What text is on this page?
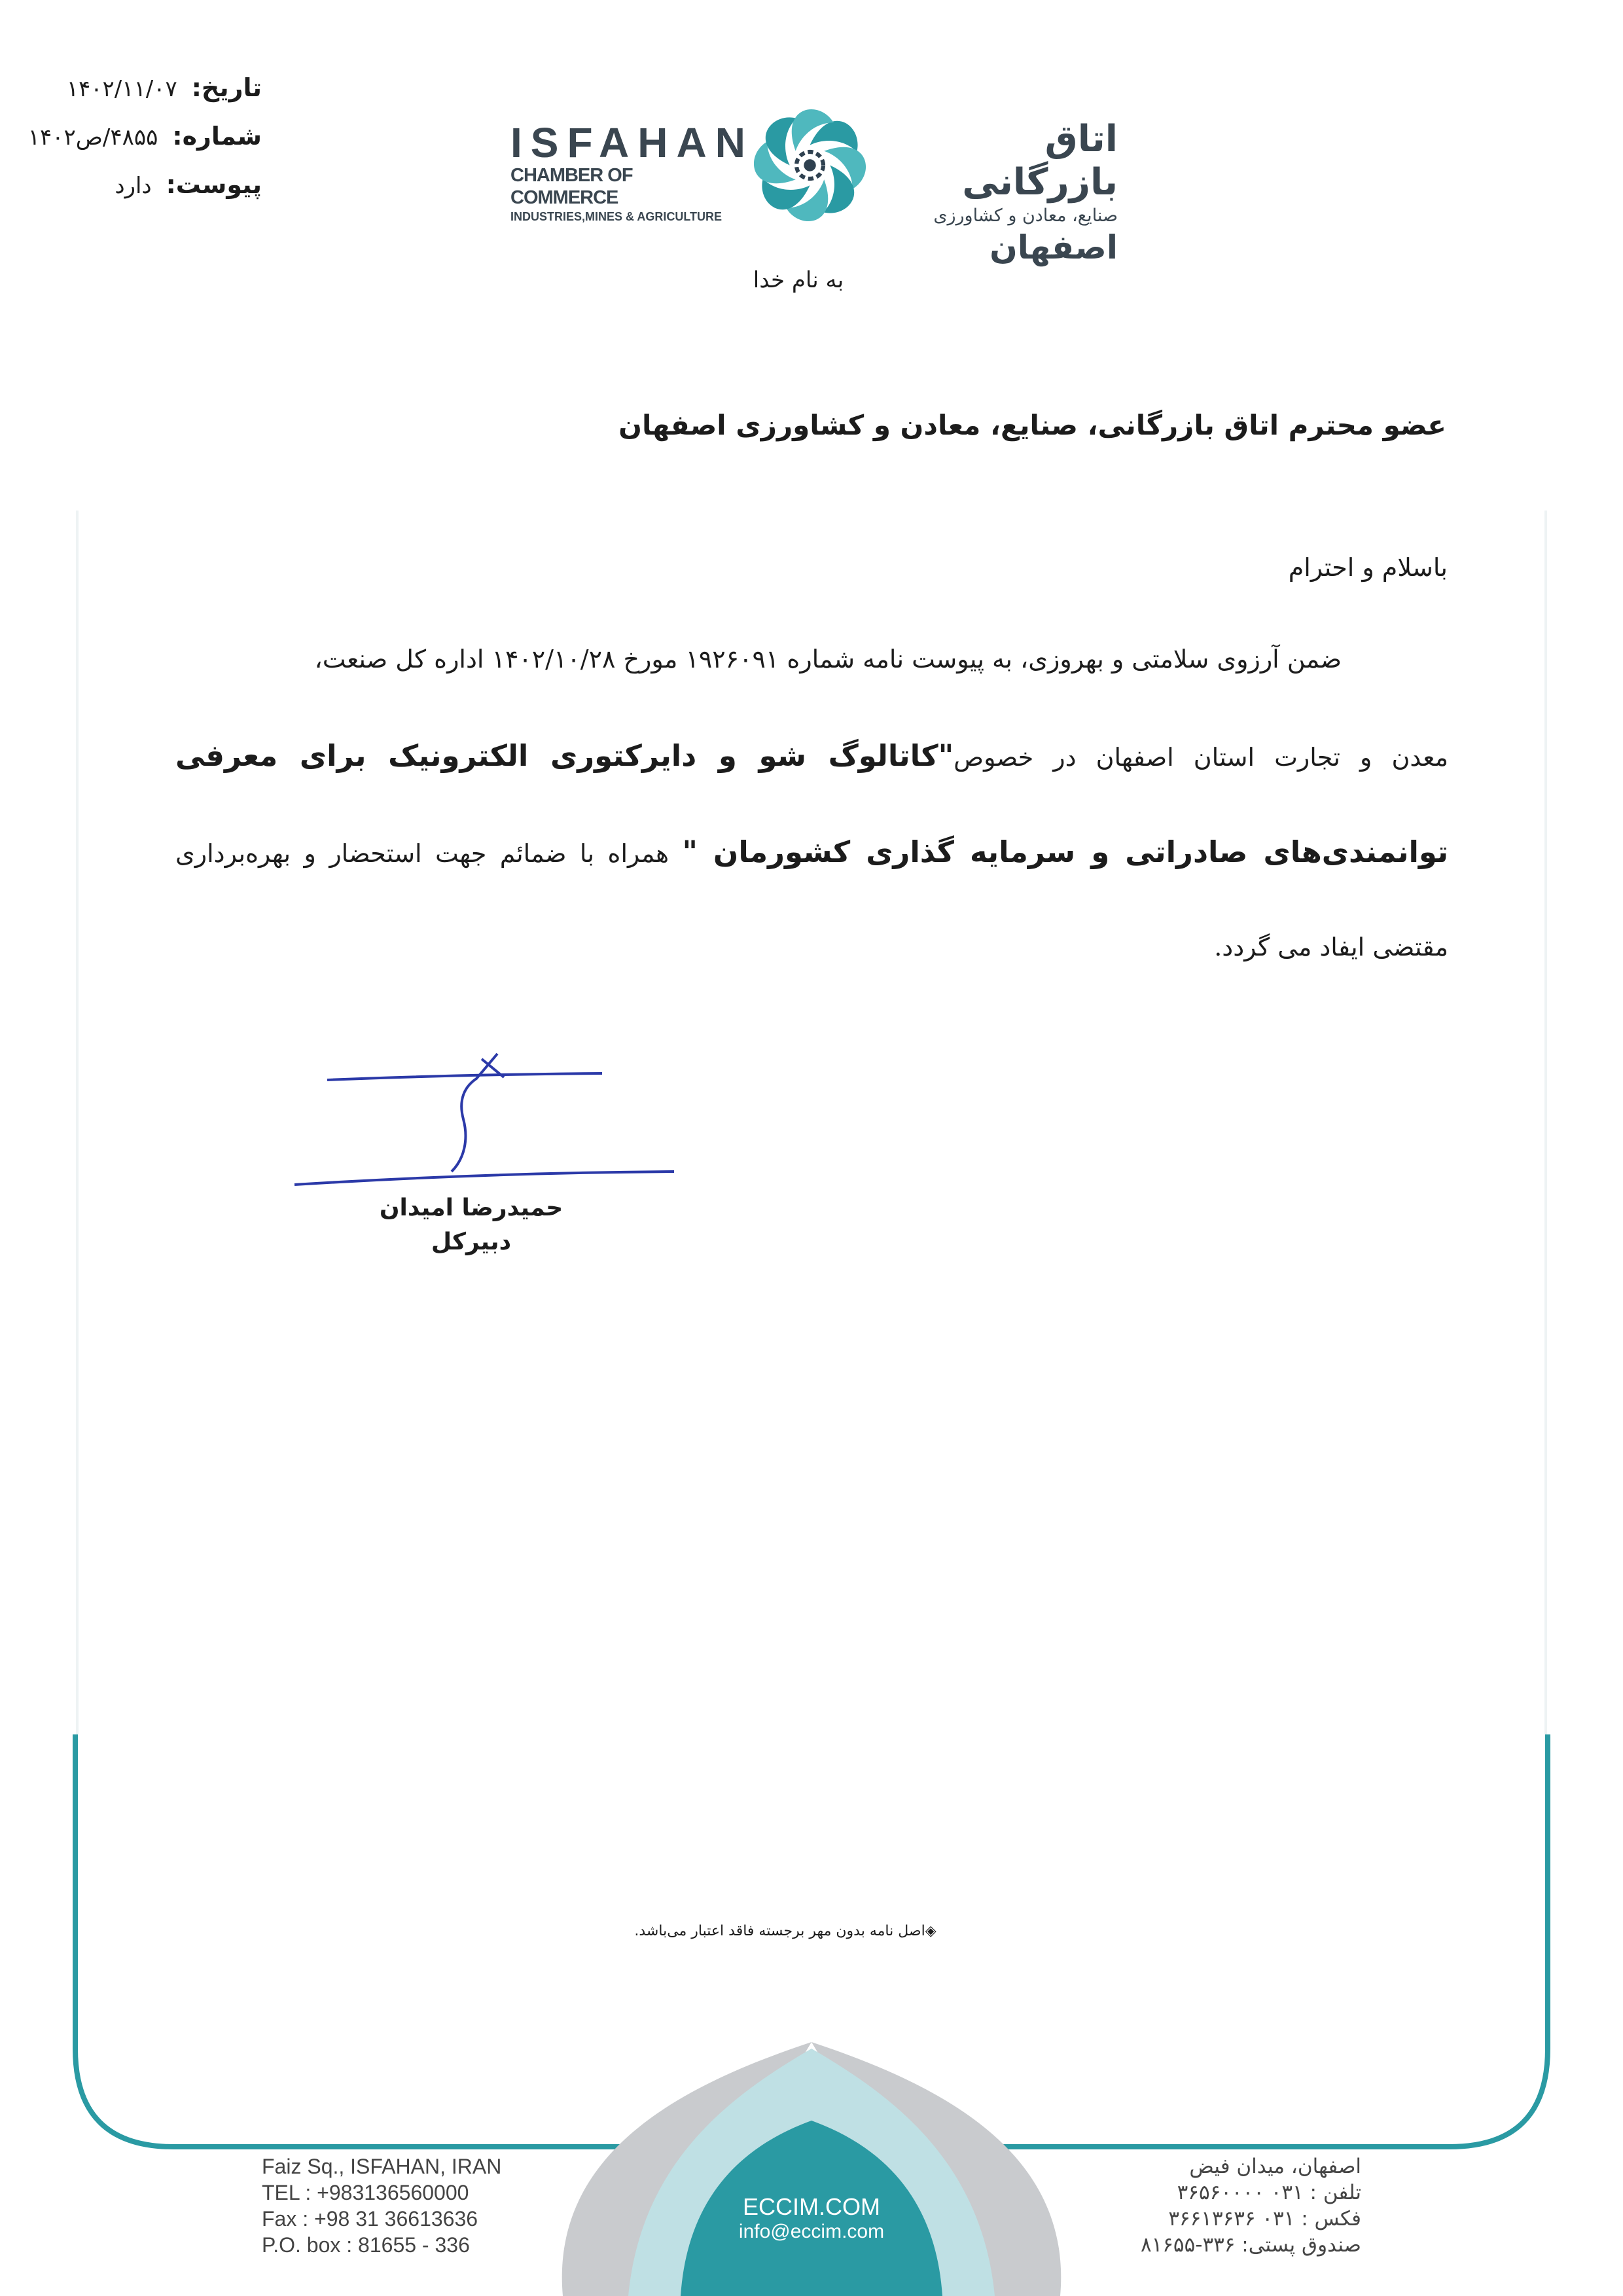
تاریخ:
۱۴۰۲/۱۱/۰۷
شماره:
۴۸۵۵/ص۱۴۰۲
پیوست:
دارد
ISFAHAN
CHAMBER OF COMMERCE
INDUSTRIES,MINES & AGRICULTURE
اتاق بازرگانی
صنایع، معادن و کشاورزی
اصفهان
به نام خدا
عضو محترم اتاق بازرگانی، صنایع، معادن و کشاورزی اصفهان
باسلام و احترام
ضمن آرزوی سلامتی و بهروزی، به پیوست نامه شماره ۱۹۲۶۰۹۱ مورخ ۱۴۰۲/۱۰/۲۸ اداره کل صنعت،
معدن و تجارت استان اصفهان در خصوص"کاتالوگ شو و دایرکتوری الکترونیک برای معرفی
توانمندی‌های صادراتی و سرمایه گذاری کشورمان " همراه با ضمائم جهت استحضار و بهره‌برداری
مقتضی ایفاد می گردد.
حمیدرضا امیدان
دبیرکل
◈اصل نامه بدون مهر برجسته فاقد اعتبار می‌باشد.
Faiz Sq., ISFAHAN, IRAN
TEL : +983136560000
Fax : +98 31 36613636
P.O. box : 81655 - 336
اصفهان، میدان فیض
تلفن : ۰۳۱ ۳۶۵۶۰۰۰۰
فکس : ۰۳۱ ۳۶۶۱۳۶۳۶
صندوق پستی: ۳۳۶-۸۱۶۵۵
ECCIM.COM
info@eccim.com
